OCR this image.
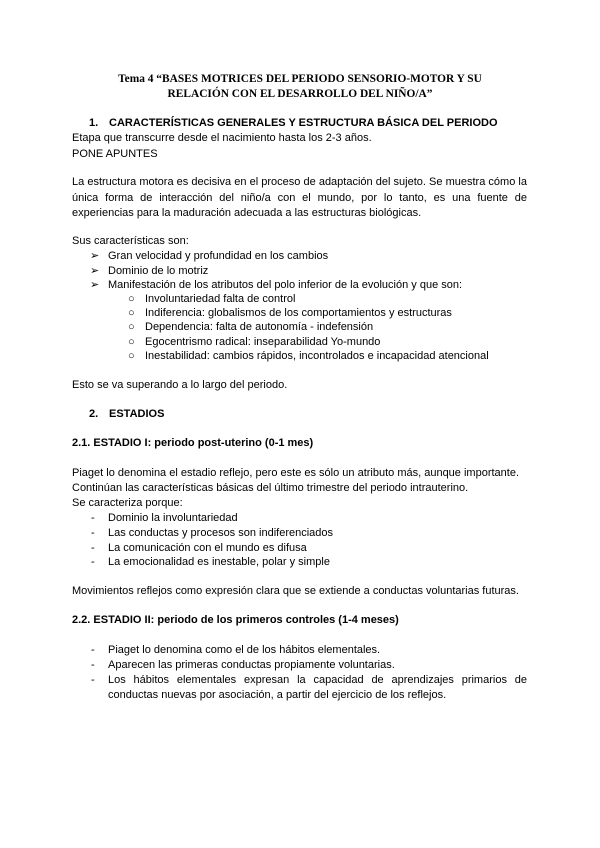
Tema 4 “BASES MOTRICES DEL PERIODO SENSORIO-MOTOR Y SU
RELACIÓN CON EL DESARROLLO DEL NIÑO/A”
1. CARACTERÍSTICAS GENERALES Y ESTRUCTURA BÁSICA DEL PERIODO
Etapa que transcurre desde el nacimiento hasta los 2-3 años.
PONE APUNTES
La estructura motora es decisiva en el proceso de adaptación del sujeto. Se muestra cómo la única forma de interacción del niño/a con el mundo, por lo tanto, es una fuente de experiencias para la maduración adecuada a las estructuras biológicas.
Sus características son:
➢ Gran velocidad y profundidad en los cambios
➢ Dominio de lo motriz
➢ Manifestación de los atributos del polo inferior de la evolución y que son:
○ Involuntariedad falta de control
○ Indiferencia: globalismos de los comportamientos y estructuras
○ Dependencia: falta de autonomía - indefensión
○ Egocentrismo radical: inseparabilidad Yo-mundo
○ Inestabilidad: cambios rápidos, incontrolados e incapacidad atencional
Esto se va superando a lo largo del periodo.
2. ESTADIOS
2.1. ESTADIO I: periodo post-uterino (0-1 mes)
Piaget lo denomina el estadio reflejo, pero este es sólo un atributo más, aunque importante.
Continúan las características básicas del último trimestre del periodo intrauterino.
Se caracteriza porque:
- Dominio la involuntariedad
- Las conductas y procesos son indiferenciados
- La comunicación con el mundo es difusa
- La emocionalidad es inestable, polar y simple
Movimientos reflejos como expresión clara que se extiende a conductas voluntarias futuras.
2.2. ESTADIO II: periodo de los primeros controles (1-4 meses)
- Piaget lo denomina como el de los hábitos elementales.
- Aparecen las primeras conductas propiamente voluntarias.
- Los hábitos elementales expresan la capacidad de aprendizajes primarios de conductas nuevas por asociación, a partir del ejercicio de los reflejos.
